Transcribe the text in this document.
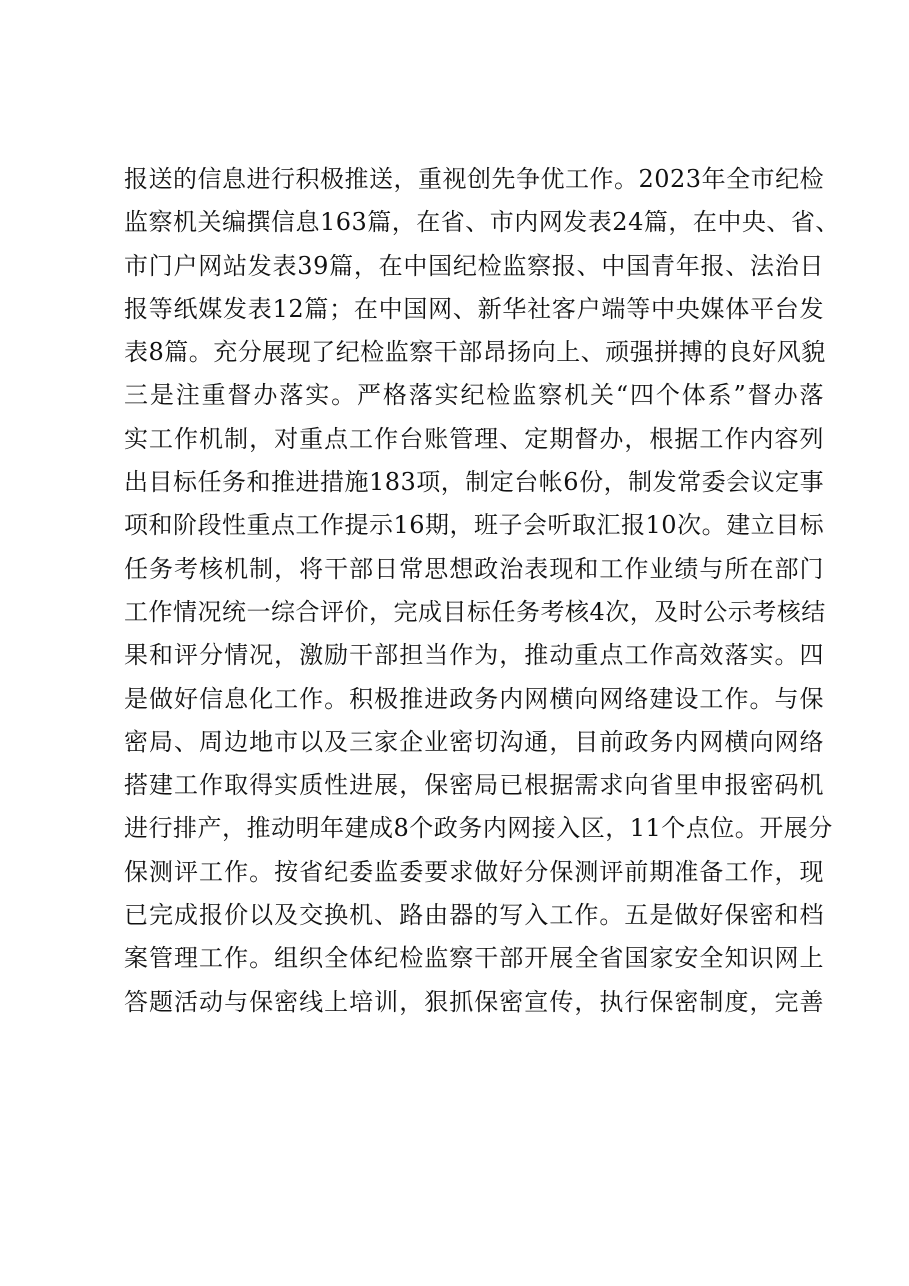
报送的信息进行积极推送，重视创先争优工作。2023年全市纪检
监察机关编撰信息163篇，在省、市内网发表24篇，在中央、省、
市门户网站发表39篇，在中国纪检监察报、中国青年报、法治日
报等纸媒发表12篇；在中国网、新华社客户端等中央媒体平台发
表8篇。充分展现了纪检监察干部昂扬向上、顽强拼搏的良好风貌
三是注重督办落实。严格落实纪检监察机关“四个体系”督办落
实工作机制，对重点工作台账管理、定期督办，根据工作内容列
出目标任务和推进措施183项，制定台帐6份，制发常委会议定事
项和阶段性重点工作提示16期，班子会听取汇报10次。建立目标
任务考核机制，将干部日常思想政治表现和工作业绩与所在部门
工作情况统一综合评价，完成目标任务考核4次，及时公示考核结
果和评分情况，激励干部担当作为，推动重点工作高效落实。四
是做好信息化工作。积极推进政务内网横向网络建设工作。与保
密局、周边地市以及三家企业密切沟通，目前政务内网横向网络
搭建工作取得实质性进展，保密局已根据需求向省里申报密码机
进行排产，推动明年建成8个政务内网接入区，11个点位。开展分
保测评工作。按省纪委监委要求做好分保测评前期准备工作，现
已完成报价以及交换机、路由器的写入工作。五是做好保密和档
案管理工作。组织全体纪检监察干部开展全省国家安全知识网上
答题活动与保密线上培训，狠抓保密宣传，执行保密制度，完善
